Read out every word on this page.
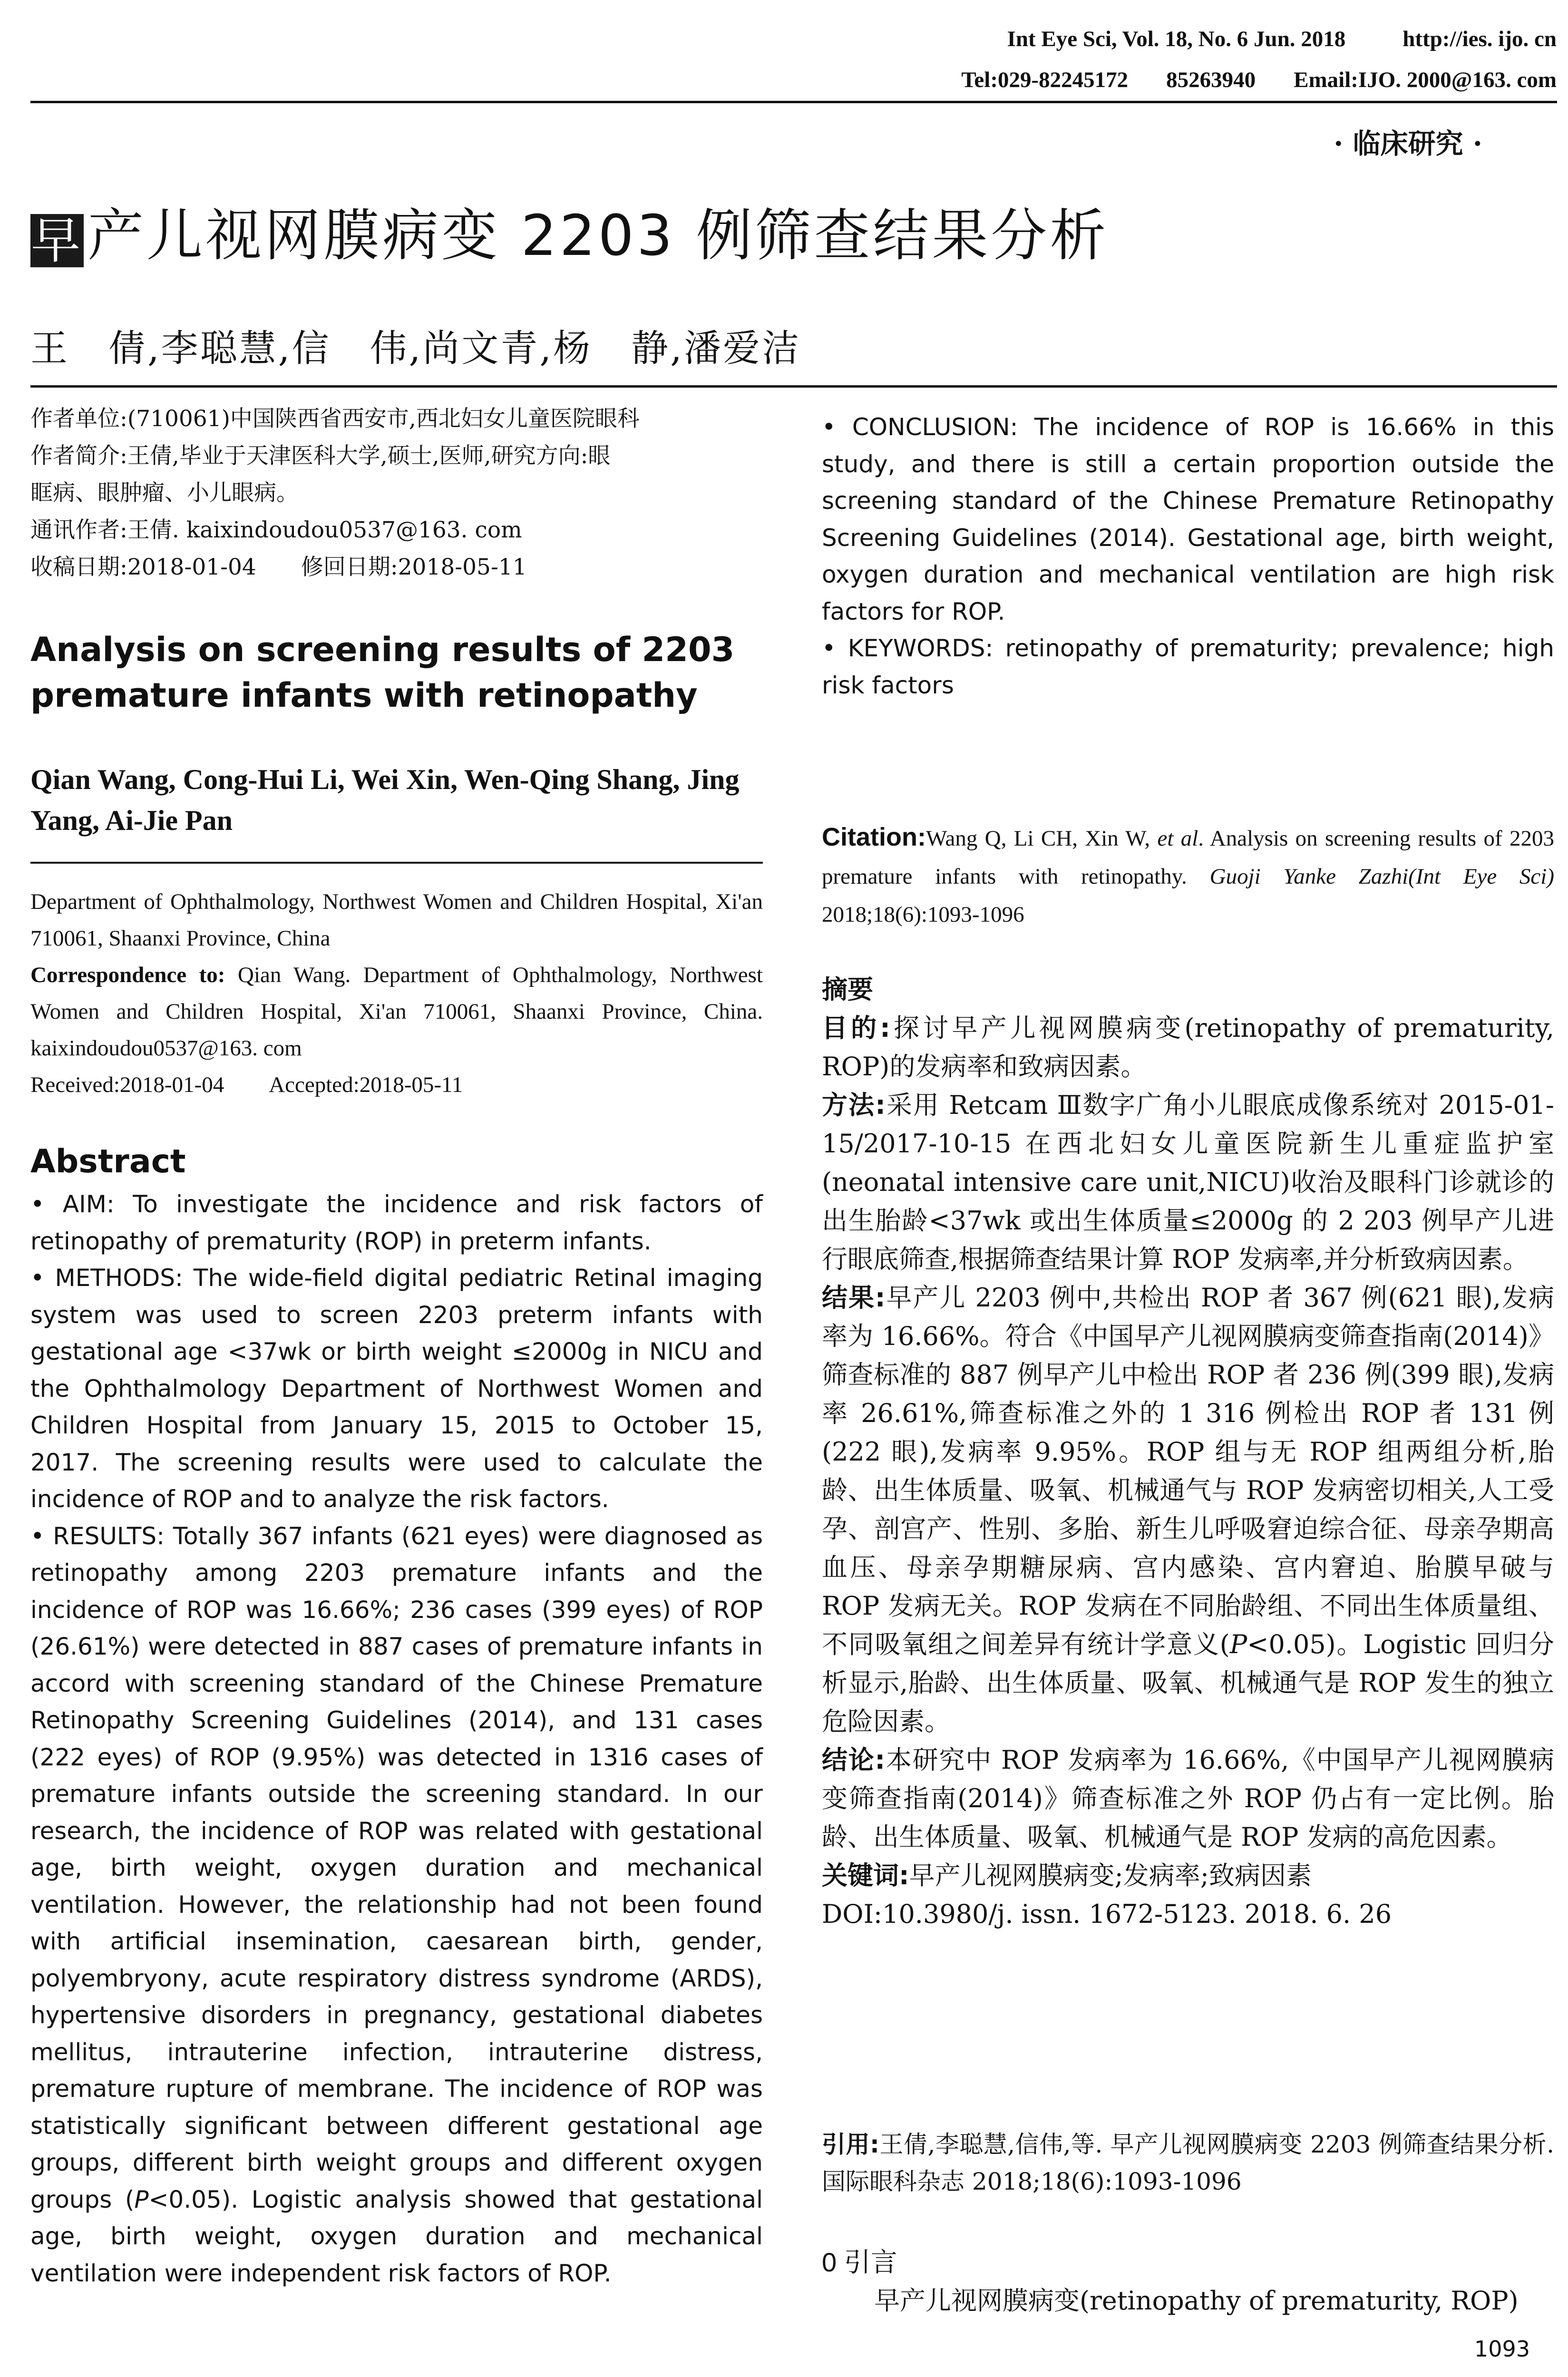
Int Eye Sci, Vol. 18, No. 6 Jun. 2018	http://ies. ijo. cn
Tel:029-82245172 85263940 Email:IJO. 2000@163. com
· 临床研究 ·
早产儿视网膜病变 2203 例筛查结果分析
王　倩,李聪慧,信　伟,尚文青,杨　静,潘爱洁
作者单位:(710061)中国陕西省西安市,西北妇女儿童医院眼科
作者简介:王倩,毕业于天津医科大学,硕士,医师,研究方向:眼
眶病、眼肿瘤、小儿眼病。
通讯作者:王倩. kaixindoudou0537@163. com
收稿日期:2018-01-04　　修回日期:2018-05-11
Analysis on screening results of 2203 premature infants with retinopathy
Qian Wang, Cong-Hui Li, Wei Xin, Wen-Qing Shang, Jing Yang, Ai-Jie Pan
Department of Ophthalmology, Northwest Women and Children Hospital, Xi'an 710061, Shaanxi Province, China
Correspondence to: Qian Wang. Department of Ophthalmology, Northwest Women and Children Hospital, Xi'an 710061, Shaanxi Province, China. kaixindoudou0537@163. com
Received:2018-01-04　　Accepted:2018-05-11
Abstract

• AIM: To investigate the incidence and risk factors of retinopathy of prematurity (ROP) in preterm infants.

• METHODS: The wide-field digital pediatric Retinal imaging system was used to screen 2203 preterm infants with gestational age <37wk or birth weight ≤2000g in NICU and the Ophthalmology Department of Northwest Women and Children Hospital from January 15, 2015 to October 15, 2017. The screening results were used to calculate the incidence of ROP and to analyze the risk factors.

• RESULTS: Totally 367 infants (621 eyes) were diagnosed as retinopathy among 2203 premature infants and the incidence of ROP was 16.66%; 236 cases (399 eyes) of ROP (26.61%) were detected in 887 cases of premature infants in accord with screening standard of the Chinese Premature Retinopathy Screening Guidelines (2014), and 131 cases (222 eyes) of ROP (9.95%) was detected in 1316 cases of premature infants outside the screening standard. In our research, the incidence of ROP was related with gestational age, birth weight, oxygen duration and mechanical ventilation. However, the relationship had not been found with artificial insemination, caesarean birth, gender, polyembryony, acute respiratory distress syndrome (ARDS), hypertensive disorders in pregnancy, gestational diabetes mellitus, intrauterine infection, intrauterine distress, premature rupture of membrane. The incidence of ROP was statistically significant between different gestational age groups, different birth weight groups and different oxygen groups (P<0.05). Logistic analysis showed that gestational age, birth weight, oxygen duration and mechanical ventilation were independent risk factors of ROP.

• CONCLUSION: The incidence of ROP is 16.66% in this study, and there is still a certain proportion outside the screening standard of the Chinese Premature Retinopathy Screening Guidelines (2014). Gestational age, birth weight, oxygen duration and mechanical ventilation are high risk factors for ROP.

• KEYWORDS: retinopathy of prematurity; prevalence; high risk factors

Citation:Wang Q, Li CH, Xin W, et al. Analysis on screening results of 2203 premature infants with retinopathy. Guoji Yanke Zazhi(Int Eye Sci) 2018;18(6):1093-1096
摘要

目的:探讨早产儿视网膜病变(retinopathy of prematurity, ROP)的发病率和致病因素。

方法:采用 Retcam Ⅲ数字广角小儿眼底成像系统对 2015-01-15/2017-10-15 在西北妇女儿童医院新生儿重症监护室(neonatal intensive care unit,NICU)收治及眼科门诊就诊的出生胎龄<37wk 或出生体质量≤2000g 的 2 203 例早产儿进行眼底筛查,根据筛查结果计算 ROP 发病率,并分析致病因素。

结果:早产儿 2203 例中,共检出 ROP 者 367 例(621 眼),发病率为 16.66%。符合《中国早产儿视网膜病变筛查指南(2014)》筛查标准的 887 例早产儿中检出 ROP 者 236 例(399 眼),发病率 26.61%,筛查标准之外的 1 316 例检出 ROP 者 131 例(222 眼),发病率 9.95%。ROP 组与无 ROP 组两组分析,胎龄、出生体质量、吸氧、机械通气与 ROP 发病密切相关,人工受孕、剖宫产、性别、多胎、新生儿呼吸窘迫综合征、母亲孕期高血压、母亲孕期糖尿病、宫内感染、宫内窘迫、胎膜早破与 ROP 发病无关。ROP 发病在不同胎龄组、不同出生体质量组、不同吸氧组之间差异有统计学意义(P<0.05)。Logistic 回归分析显示,胎龄、出生体质量、吸氧、机械通气是 ROP 发生的独立危险因素。

结论:本研究中 ROP 发病率为 16.66%,《中国早产儿视网膜病变筛查指南(2014)》筛查标准之外 ROP 仍占有一定比例。胎龄、出生体质量、吸氧、机械通气是 ROP 发病的高危因素。

关键词:早产儿视网膜病变;发病率;致病因素

DOI:10.3980/j. issn. 1672-5123. 2018. 6. 26

引用:王倩,李聪慧,信伟,等. 早产儿视网膜病变 2203 例筛查结果分析. 国际眼科杂志 2018;18(6):1093-1096
0 引言
早产儿视网膜病变(retinopathy of prematurity, ROP)
1093
